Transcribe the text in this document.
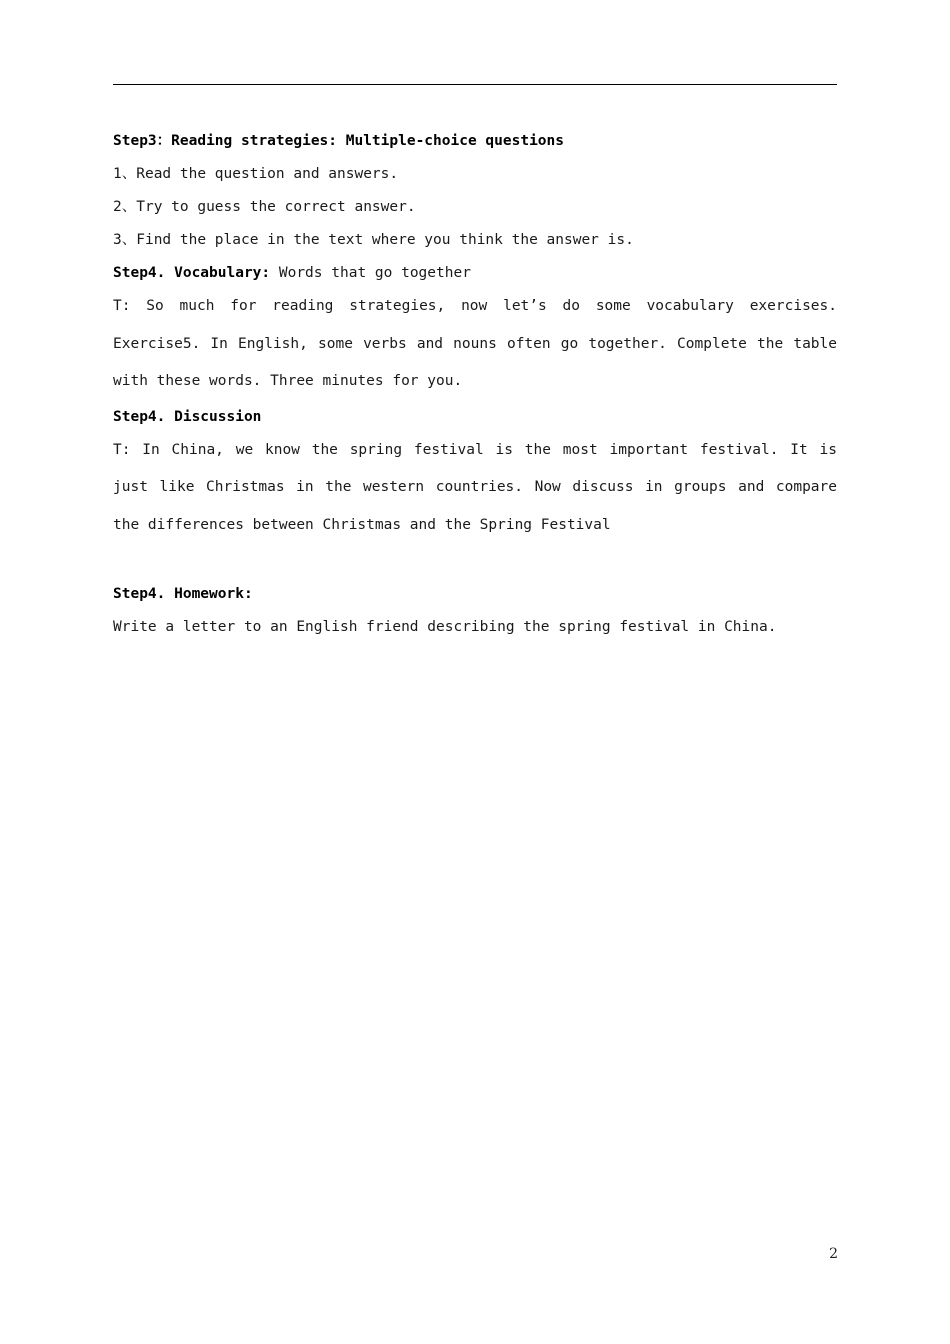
Step3：Reading strategies: Multiple-choice questions

1、Read the question and answers.

2、Try to guess the correct answer.

3、Find the place in the text where you think the answer is.

Step4. Vocabulary: Words that go together

T: So much for reading strategies, now let’s do some vocabulary exercises. Exercise5. In English, some verbs and nouns often go together. Complete the table with these words. Three minutes for you.

Step4. Discussion

T: In China, we know the spring festival is the most important festival. It is just like Christmas in the western countries. Now discuss in groups and compare the differences between Christmas and the Spring Festival

Step4. Homework:

Write a letter to an English friend describing the spring festival in China.

2
